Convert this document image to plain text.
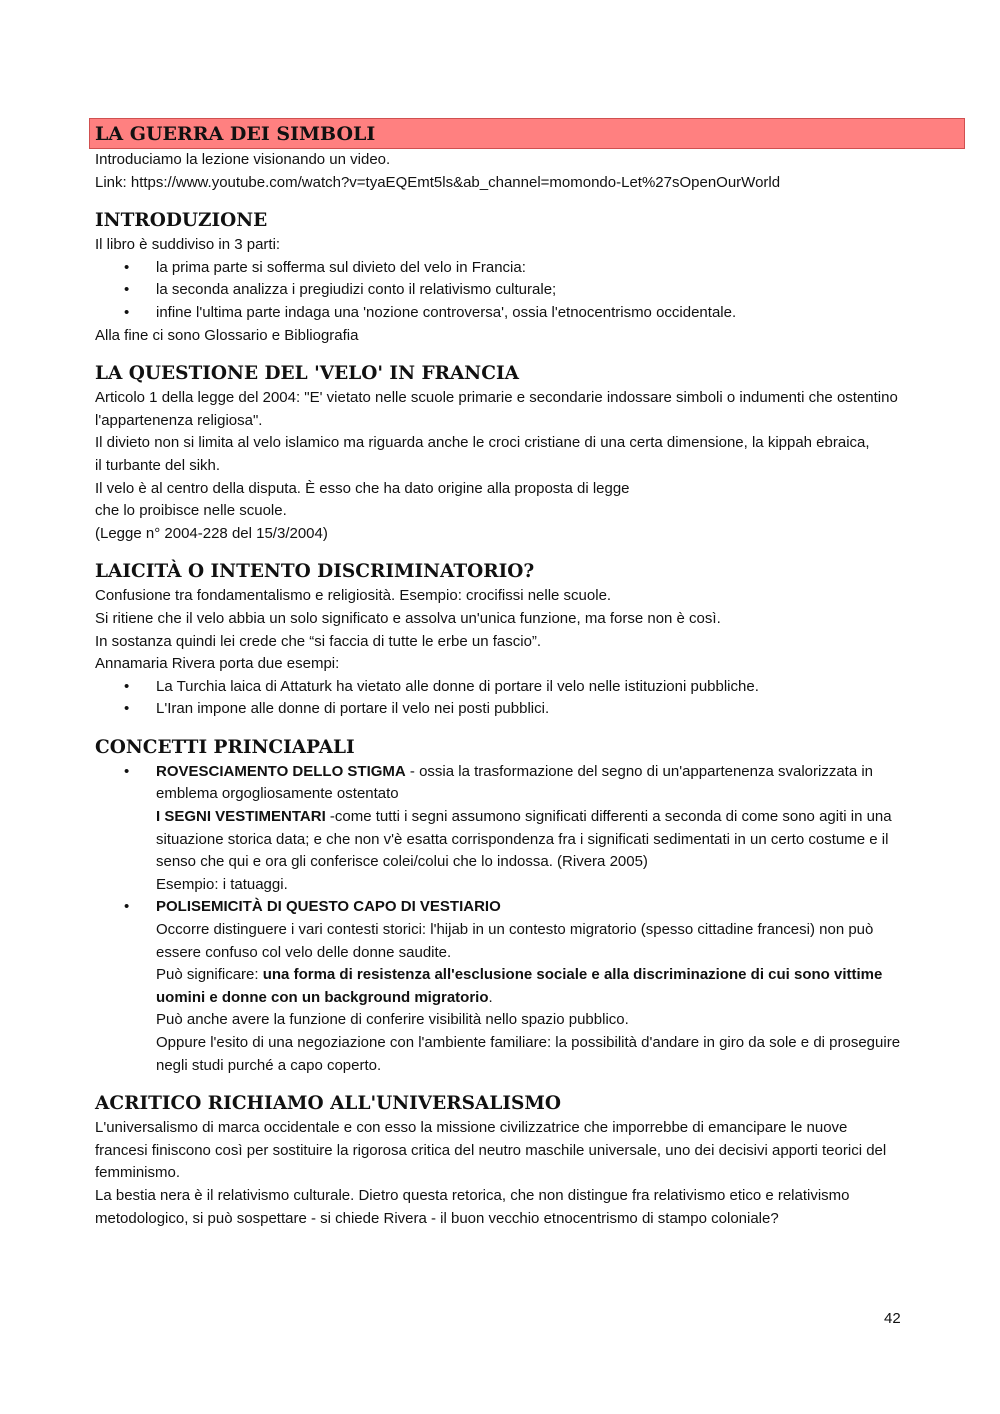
LA GUERRA DEI SIMBOLI

Introduciamo la lezione visionando un video.

Link: https://www.youtube.com/watch?v=tyaEQEmt5ls&ab_channel=momondo-Let%27sOpenOurWorld

INTRODUZIONE

Il libro è suddiviso in 3 parti:

• la prima parte si sofferma sul divieto del velo in Francia:
• la seconda analizza i pregiudizi conto il relativismo culturale;
• infine l'ultima parte indaga una 'nozione controversa', ossia l'etnocentrismo occidentale.

Alla fine ci sono Glossario e Bibliografia

LA QUESTIONE DEL 'VELO' IN FRANCIA

Articolo 1 della legge del 2004: "E' vietato nelle scuole primarie e secondarie indossare simboli o indumenti che ostentino l'appartenenza religiosa".

Il divieto non si limita al velo islamico ma riguarda anche le croci cristiane di una certa dimensione, la kippah ebraica, il turbante del sikh.

Il velo è al centro della disputa. È esso che ha dato origine alla proposta di legge che lo proibisce nelle scuole.

(Legge n° 2004-228 del 15/3/2004)

LAICITÀ O INTENTO DISCRIMINATORIO?

Confusione tra fondamentalismo e religiosità. Esempio: crocifissi nelle scuole.

Si ritiene che il velo abbia un solo significato e assolva un'unica funzione, ma forse non è così.

In sostanza quindi lei crede che “si faccia di tutte le erbe un fascio”.

Annamaria Rivera porta due esempi:

• La Turchia laica di Attaturk ha vietato alle donne di portare il velo nelle istituzioni pubbliche.
• L'Iran impone alle donne di portare il velo nei posti pubblici.
CONCETTI PRINCIAPALI

• ROVESCIAMENTO DELLO STIGMA - ossia la trasformazione del segno di un'appartenenza svalorizzata in emblema orgogliosamente ostentato

I SEGNI VESTIMENTARI -come tutti i segni assumono significati differenti a seconda di come sono agiti in una situazione storica data; e che non v'è esatta corrispondenza fra i significati sedimentati in un certo costume e il senso che qui e ora gli conferisce colei/colui che lo indossa. (Rivera 2005)

Esempio: i tatuaggi.

• POLISEMICITÀ DI QUESTO CAPO DI VESTIARIO

Occorre distinguere i vari contesti storici: l'hijab in un contesto migratorio (spesso cittadine francesi) non può essere confuso col velo delle donne saudite.

Può significare: una forma di resistenza all'esclusione sociale e alla discriminazione di cui sono vittime uomini e donne con un background migratorio.

Può anche avere la funzione di conferire visibilità nello spazio pubblico.

Oppure l'esito di una negoziazione con l'ambiente familiare: la possibilità d'andare in giro da sole e di proseguire negli studi purché a capo coperto.

ACRITICO RICHIAMO ALL'UNIVERSALISMO

L'universalismo di marca occidentale e con esso la missione civilizzatrice che imporrebbe di emancipare le nuove francesi finiscono così per sostituire la rigorosa critica del neutro maschile universale, uno dei decisivi apporti teorici del femminismo.

La bestia nera è il relativismo culturale. Dietro questa retorica, che non distingue fra relativismo etico e relativismo metodologico, si può sospettare - si chiede Rivera - il buon vecchio etnocentrismo di stampo coloniale?

42
